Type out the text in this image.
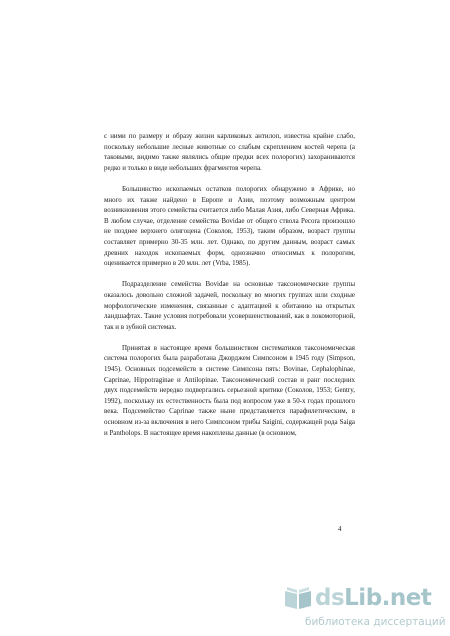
с ними по размеру и образу жизни карликовых антилоп, известна крайне слабо, поскольку небольшие лесные животные со слабым скреплением костей черепа (а таковыми, видимо также являлись общие предки всех полорогих) захораниваются редко и только в виде небольших фрагментов черепа.

Большинство ископаемых остатков полорогих обнаружено в Африке, но много их также найдено в Европе и Азии, поэтому возможным центром возникновения этого семейства считается либо Малая Азия, либо Северная Африка. В любом случае, отделение семейства Bovidae от общего ствола Pecora произошло не позднее верхнего олигоцена (Соколов, 1953), таким образом, возраст группы составляет примерно 30-35 млн. лет. Однако, по другим данным, возраст самых древних находок ископаемых форм, однозначно относимых к полорогим, оценивается примерно в 20 млн. лет (Vrba, 1985).

Подразделение семейства Bovidae на основные таксономические группы оказалось довольно сложной задачей, поскольку во многих группах шли сходные морфологические изменения, связанные с адаптацией к обитанию на открытых ландшафтах. Такие условия потребовали усовершенствований, как в локомоторной, так и в зубной системах.

Принятая в настоящее время большинством систематиков таксономическая система полорогих была разработана Джорджем Симпсоном в 1945 году (Simpson, 1945). Основных подсемейств в системе Симпсона пять: Bovinae, Cephalophinae, Caprinae, Hippotraginae и Antilopinae. Таксономический состав и ранг последних двух подсемейств нередко подвергались серьезной критике (Соколов, 1953; Gentry, 1992), поскольку их естественность была под вопросом уже в 50-х годах прошлого века. Подсемейство Caprinae также ныне представляется парафилетическим, в основном из-за включения в него Симпсоном трибы Saigini, содержащей рода Saiga и Pantholops. В настоящее время накоплены данные (в основном,

4
dsLib.net
библиотека диссертаций
